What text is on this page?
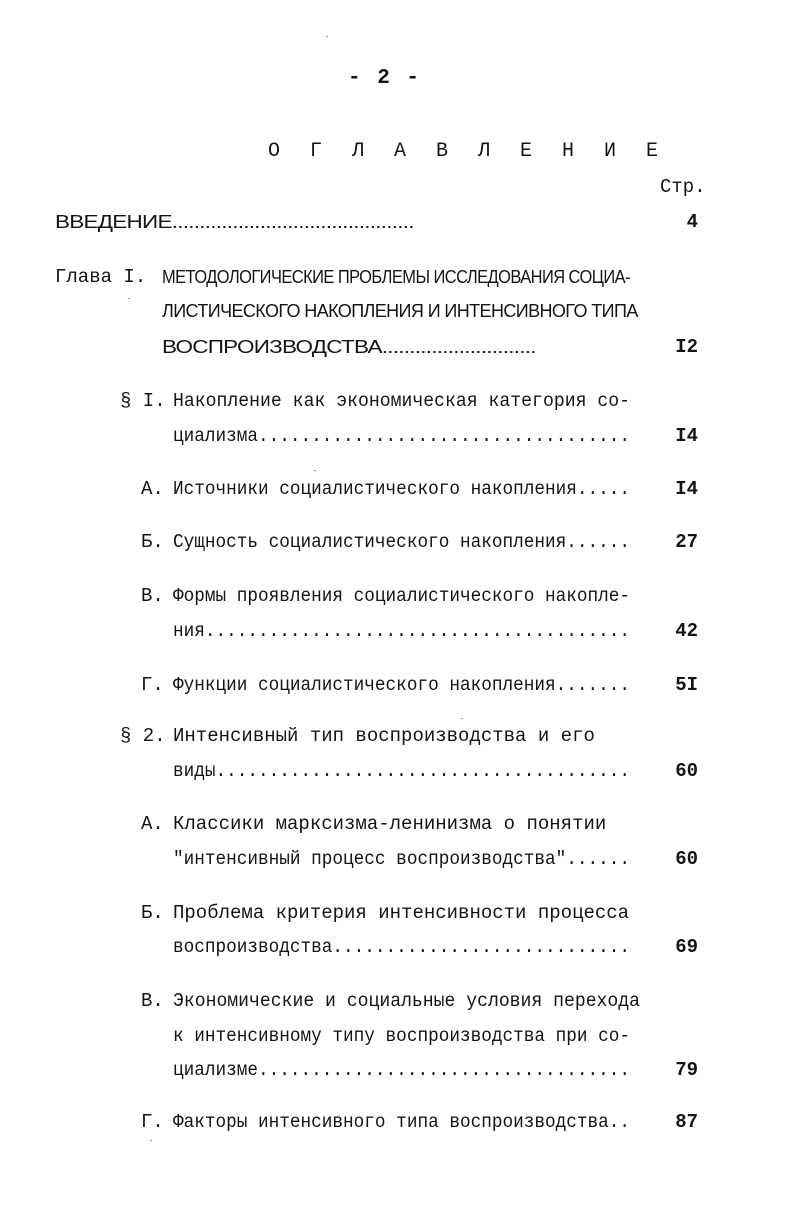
- 2 -
О Г Л А В Л Е Н И Е
Стр.
ВВЕДЕНИЕ............................................	4
Глава I. МЕТОДОЛОГИЧЕСКИЕ ПРОБЛЕМЫ ИССЛЕДОВАНИЯ СОЦИА-
ЛИСТИЧЕСКОГО НАКОПЛЕНИЯ И ИНТЕНСИВНОГО ТИПА
ВОСПРОИЗВОДСТВА............................	I2
§ I. Накопление как экономическая категория со-
циализма...................................	I4
А. Источники социалистического накопления.....	I4
Б. Сущность социалистического накопления......	27
В. Формы проявления социалистического накопле-
ния........................................	42
Г. Функции социалистического накопления.......	5I
§ 2. Интенсивный тип воспроизводства и его
виды.......................................	60
А. Классики марксизма-ленинизма о понятии
"интенсивный процесс воспроизводства"......	60
Б. Проблема критерия интенсивности процесса
воспроизводства............................	69
В. Экономические и социальные условия перехода
к интенсивному типу воспроизводства при со-
циализме...................................	79
Г. Факторы интенсивного типа воспроизводства..	87
